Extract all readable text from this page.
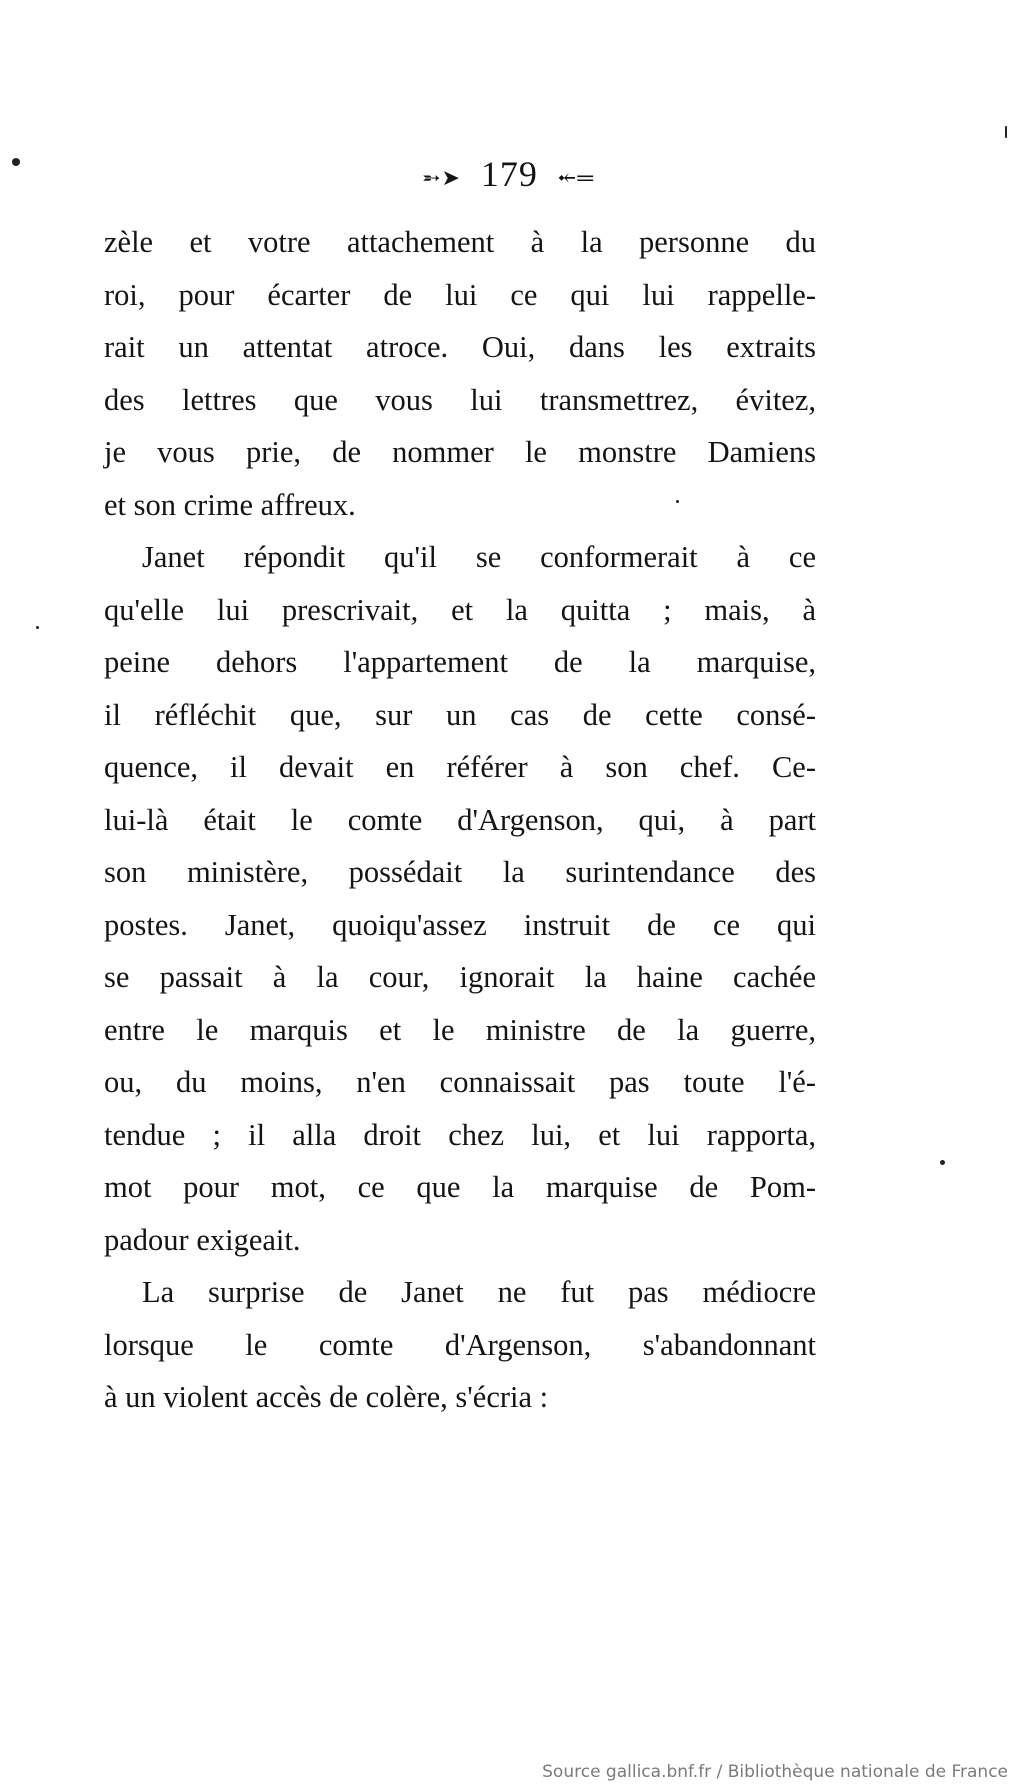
➵➤ 179 ⤝═
zèle et votre attachement à la personne du
roi, pour écarter de lui ce qui lui rappelle-
rait un attentat atroce. Oui, dans les extraits
des lettres que vous lui transmettrez, évitez,
je vous prie, de nommer le monstre Damiens
et son crime affreux.
Janet répondit qu'il se conformerait à ce
qu'elle lui prescrivait, et la quitta ; mais, à
peine dehors l'appartement de la marquise,
il réfléchit que, sur un cas de cette consé-
quence, il devait en référer à son chef. Ce-
lui-là était le comte d'Argenson, qui, à part
son ministère, possédait la surintendance des
postes. Janet, quoiqu'assez instruit de ce qui
se passait à la cour, ignorait la haine cachée
entre le marquis et le ministre de la guerre,
ou, du moins, n'en connaissait pas toute l'é-
tendue ; il alla droit chez lui, et lui rapporta,
mot pour mot, ce que la marquise de Pom-
padour exigeait.
La surprise de Janet ne fut pas médiocre
lorsque le comte d'Argenson, s'abandonnant
à un violent accès de colère, s'écria :
Source gallica.bnf.fr / Bibliothèque nationale de France
